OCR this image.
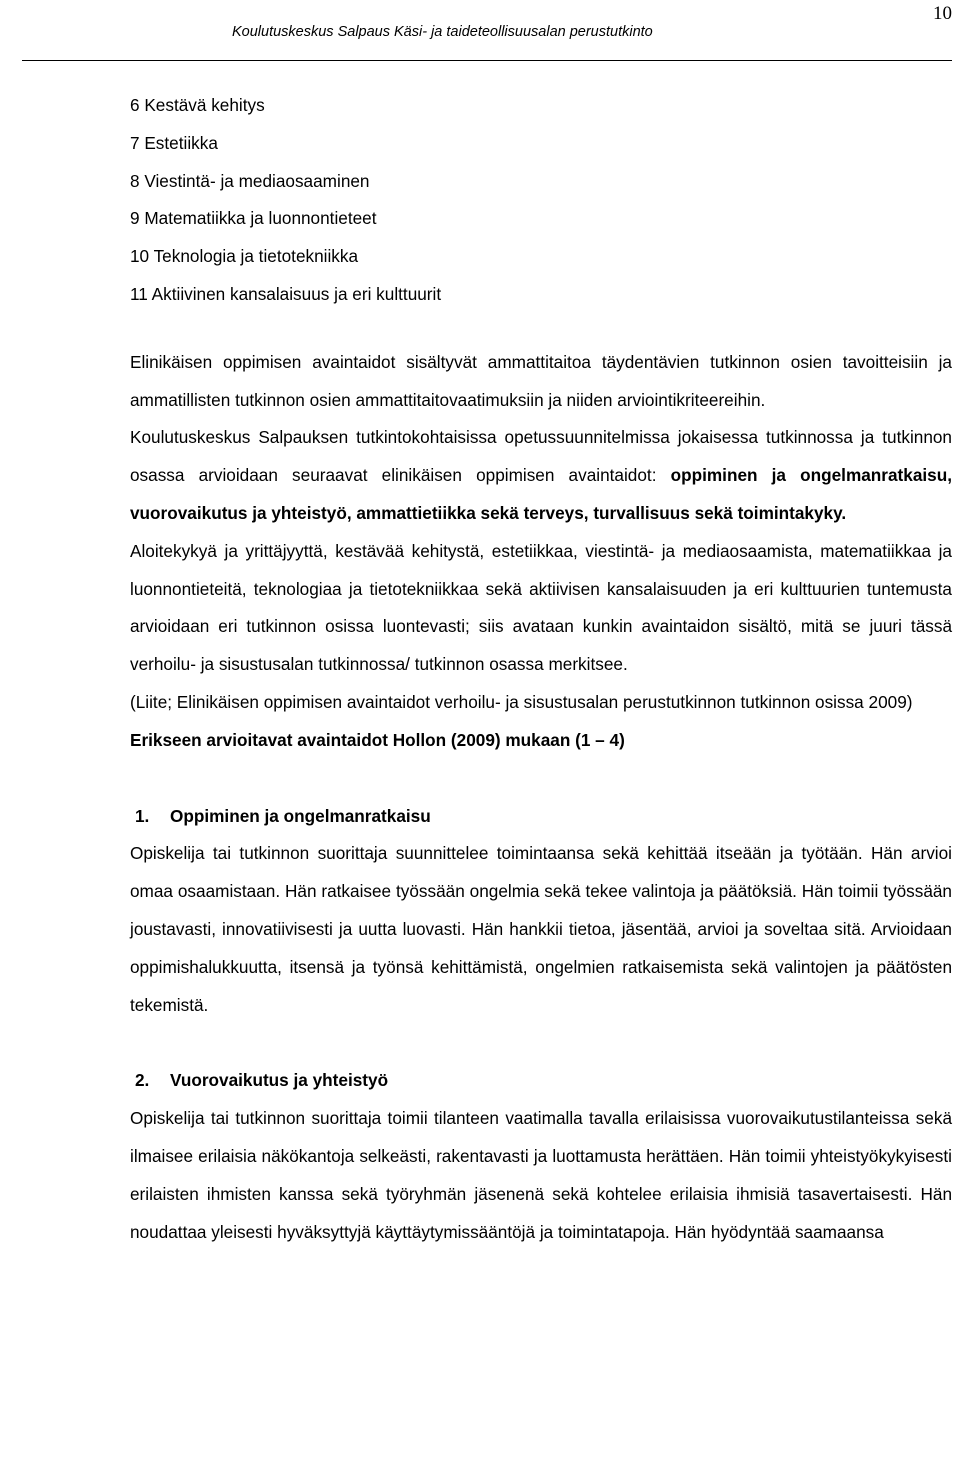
10
Koulutuskeskus Salpaus Käsi- ja taideteollisuusalan perustutkinto
6 Kestävä kehitys
7 Estetiikka
8 Viestintä- ja mediaosaaminen
9 Matematiikka ja luonnontieteet
10 Teknologia ja tietotekniikka
11 Aktiivinen kansalaisuus ja eri kulttuurit

Elinikäisen oppimisen avaintaidot sisältyvät ammattitaitoa täydentävien tutkinnon osien tavoitteisiin ja ammatillisten tutkinnon osien ammattitaitovaatimuksiin ja niiden arviointikriteereihin.

Koulutuskeskus Salpauksen tutkintokohtaisissa opetussuunnitelmissa jokaisessa tutkinnossa ja tutkinnon osassa arvioidaan seuraavat elinikäisen oppimisen avaintaidot: oppiminen ja ongelmanratkaisu, vuorovaikutus ja yhteistyö, ammattietiikka sekä terveys, turvallisuus sekä toimintakyky.

Aloitekykyä ja yrittäjyyttä, kestävää kehitystä, estetiikkaa, viestintä- ja mediaosaamista, matematiikkaa ja luonnontieteitä, teknologiaa ja tietotekniikkaa sekä aktiivisen kansalaisuuden ja eri kulttuurien tuntemusta arvioidaan eri tutkinnon osissa luontevasti; siis avataan kunkin avaintaidon sisältö, mitä se juuri tässä verhoilu- ja sisustusalan tutkinnossa/ tutkinnon osassa merkitsee.

(Liite; Elinikäisen oppimisen avaintaidot verhoilu- ja sisustusalan perustutkinnon tutkinnon osissa 2009)

Erikseen arvioitavat avaintaidot Hollon (2009) mukaan (1 – 4)

1. Oppiminen ja ongelmanratkaisu

Opiskelija tai tutkinnon suorittaja suunnittelee toimintaansa sekä kehittää itseään ja työtään. Hän arvioi omaa osaamistaan. Hän ratkaisee työssään ongelmia sekä tekee valintoja ja päätöksiä. Hän toimii työssään joustavasti, innovatiivisesti ja uutta luovasti. Hän hankkii tietoa, jäsentää, arvioi ja soveltaa sitä. Arvioidaan oppimishalukkuutta, itsensä ja työnsä kehittämistä, ongelmien ratkaisemista sekä valintojen ja päätösten tekemistä.

2. Vuorovaikutus ja yhteistyö

Opiskelija tai tutkinnon suorittaja toimii tilanteen vaatimalla tavalla erilaisissa vuorovaikutustilanteissa sekä ilmaisee erilaisia näkökantoja selkeästi, rakentavasti ja luottamusta herättäen. Hän toimii yhteistyökykyisesti erilaisten ihmisten kanssa sekä työryhmän jäsenenä sekä kohtelee erilaisia ihmisiä tasavertaisesti. Hän noudattaa yleisesti hyväksyttyjä käyttäytymissääntöjä ja toimintatapoja. Hän hyödyntää saamaansa
